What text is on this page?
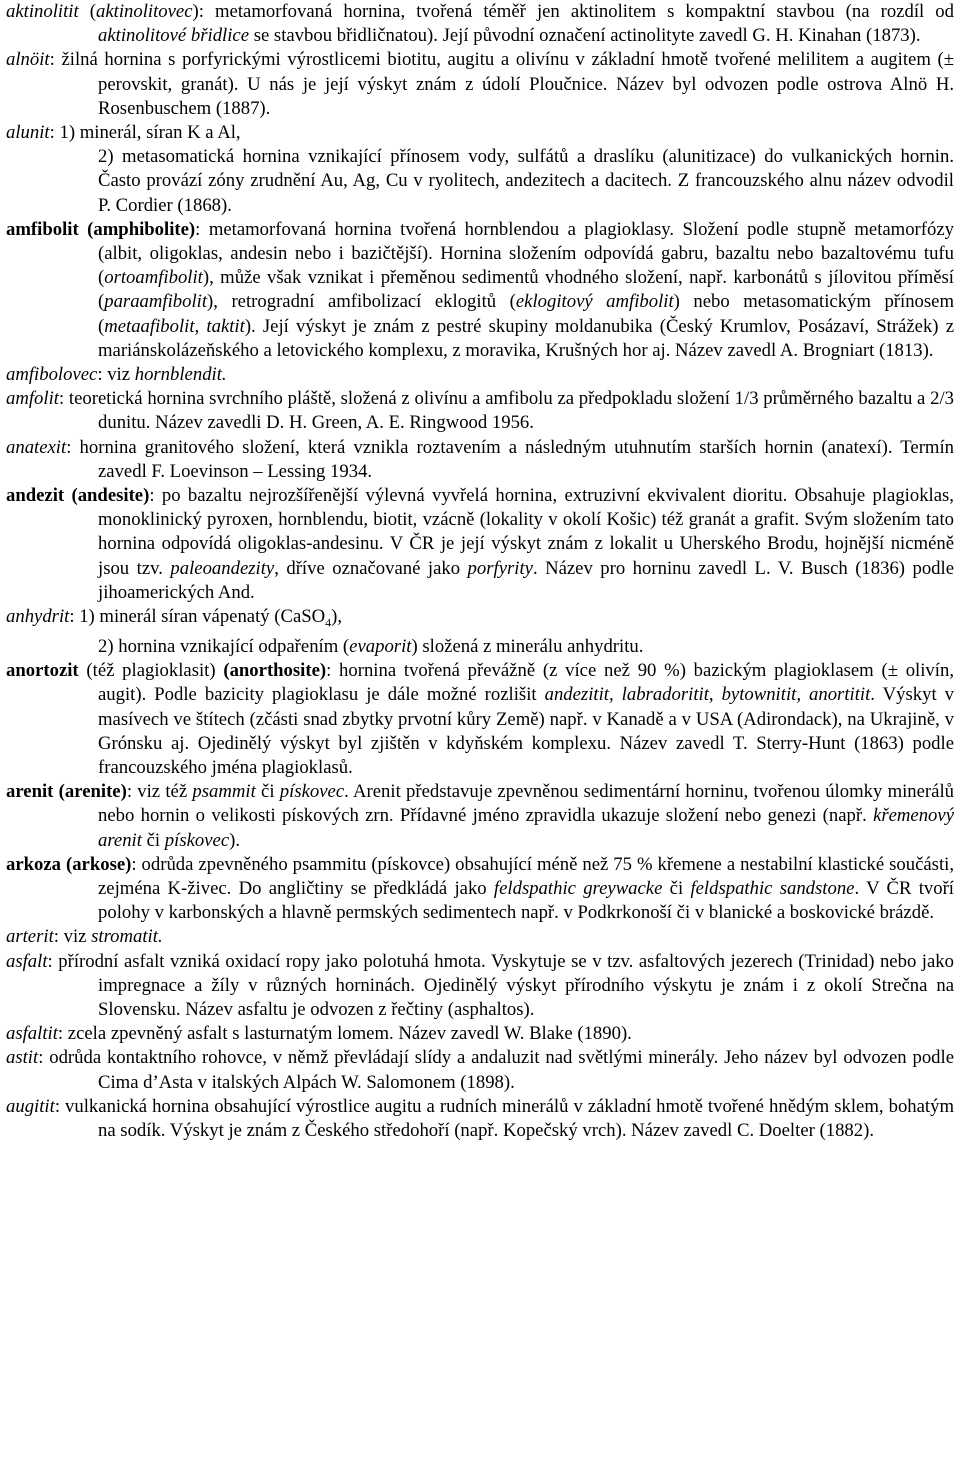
aktinolitit (aktinolitovec): metamorfovaná hornina, tvořená téměř jen aktinolitem s kompaktní stavbou (na rozdíl od aktinolitové břidlice se stavbou břidličnatou). Její původní označení actinolityte zavedl G. H. Kinahan (1873).
alnöit: žilná hornina s porfyrickými výrostlicemi biotitu, augitu a olivínu v základní hmotě tvořené melilitem a augitem (± perovskit, granát). U nás je její výskyt znám z údolí Ploučnice. Název byl odvozen podle ostrova Alnö H. Rosenbuschem (1887).
alunit: 1) minerál, síran K a Al,
2) metasomatická hornina vznikající přínosem vody, sulfátů a draslíku (alunitizace) do vulkanických hornin. Často provází zóny zrudnění Au, Ag, Cu v ryolitech, andezitech a dacitech. Z francouzského alnu název odvodil P. Cordier (1868).
amfibolit (amphibolite): metamorfovaná hornina tvořená hornblendou a plagioklasy. Složení podle stupně metamorfózy (albit, oligoklas, andesin nebo i bazičtější). Hornina složením odpovídá gabru, bazaltu nebo bazaltovému tufu (ortoamfibolit), může však vznikat i přeměnou sedimentů vhodného složení, např. karbonátů s jílovitou příměsí (paraamfibolit), retrogradní amfibolizací eklogitů (eklogitový amfibolit) nebo metasomatickým přínosem (metaafibolit, taktit). Její výskyt je znám z pestré skupiny moldanubika (Český Krumlov, Posázaví, Strážek) z mariánskolázeňského a letovického komplexu, z moravika, Krušných hor aj. Název zavedl A. Brogniart (1813).
amfibolovec: viz hornblendit.
amfolit: teoretická hornina svrchního pláště, složená z olivínu a amfibolu za předpokladu složení 1/3 průměrného bazaltu a 2/3 dunitu. Název zavedli D. H. Green, A. E. Ringwood 1956.
anatexit: hornina granitového složení, která vznikla roztavením a následným utuhnutím starších hornin (anatexí). Termín zavedl F. Loevinson – Lessing 1934.
andezit (andesite): po bazaltu nejrozšířenější výlevná vyvřelá hornina, extruzivní ekvivalent dioritu. Obsahuje plagioklas, monoklinický pyroxen, hornblendu, biotit, vzácně (lokality v okolí Košic) též granát a grafit. Svým složením tato hornina odpovídá oligoklas-andesinu. V ČR je její výskyt znám z lokalit u Uherského Brodu, hojnější nicméně jsou tzv. paleoandezity, dříve označované jako porfyrity. Název pro horninu zavedl L. V. Busch (1836) podle jihoamerických And.
anhydrit: 1) minerál síran vápenatý (CaSO$_4$),
2) hornina vznikající odpařením (evaporit) složená z minerálu anhydritu.
anortozit (též plagioklasit) (anorthosite): hornina tvořená převážně (z více než 90 %) bazickým plagioklasem (± olivín, augit). Podle bazicity plagioklasu je dále možné rozlišit andezitit, labradoritit, bytownitit, anortitit. Výskyt v masívech ve štítech (zčásti snad zbytky prvotní kůry Země) např. v Kanadě a v USA (Adirondack), na Ukrajině, v Grónsku aj. Ojedinělý výskyt byl zjištěn v kdyňském komplexu. Název zavedl T. Sterry-Hunt (1863) podle francouzského jména plagioklasů.
arenit (arenite): viz též psammit či pískovec. Arenit představuje zpevněnou sedimentární horninu, tvořenou úlomky minerálů nebo hornin o velikosti pískových zrn. Přídavné jméno zpravidla ukazuje složení nebo genezi (např. křemenový arenit či pískovec).
arkoza (arkose): odrůda zpevněného psammitu (pískovce) obsahující méně než 75 % křemene a nestabilní klastické součásti, zejména K-živec. Do angličtiny se předkládá jako feldspathic greywacke či feldspathic sandstone. V ČR tvoří polohy v karbonských a hlavně permských sedimentech např. v Podkrkonoší či v blanické a boskovické brázdě.
arterit: viz stromatit.
asfalt: přírodní asfalt vzniká oxidací ropy jako polotuhá hmota. Vyskytuje se v tzv. asfaltových jezerech (Trinidad) nebo jako impregnace a žíly v různých horninách. Ojedinělý výskyt přírodního výskytu je znám i z okolí Strečna na Slovensku. Název asfaltu je odvozen z řečtiny (asphaltos).
asfaltit: zcela zpevněný asfalt s lasturnatým lomem. Název zavedl W. Blake (1890).
astit: odrůda kontaktního rohovce, v němž převládají slídy a andaluzit nad světlými minerály. Jeho název byl odvozen podle Cima d’Asta v italských Alpách W. Salomonem (1898).
augitit: vulkanická hornina obsahující výrostlice augitu a rudních minerálů v základní hmotě tvořené hnědým sklem, bohatým na sodík. Výskyt je znám z Českého středohoří (např. Kopečský vrch). Název zavedl C. Doelter (1882).
